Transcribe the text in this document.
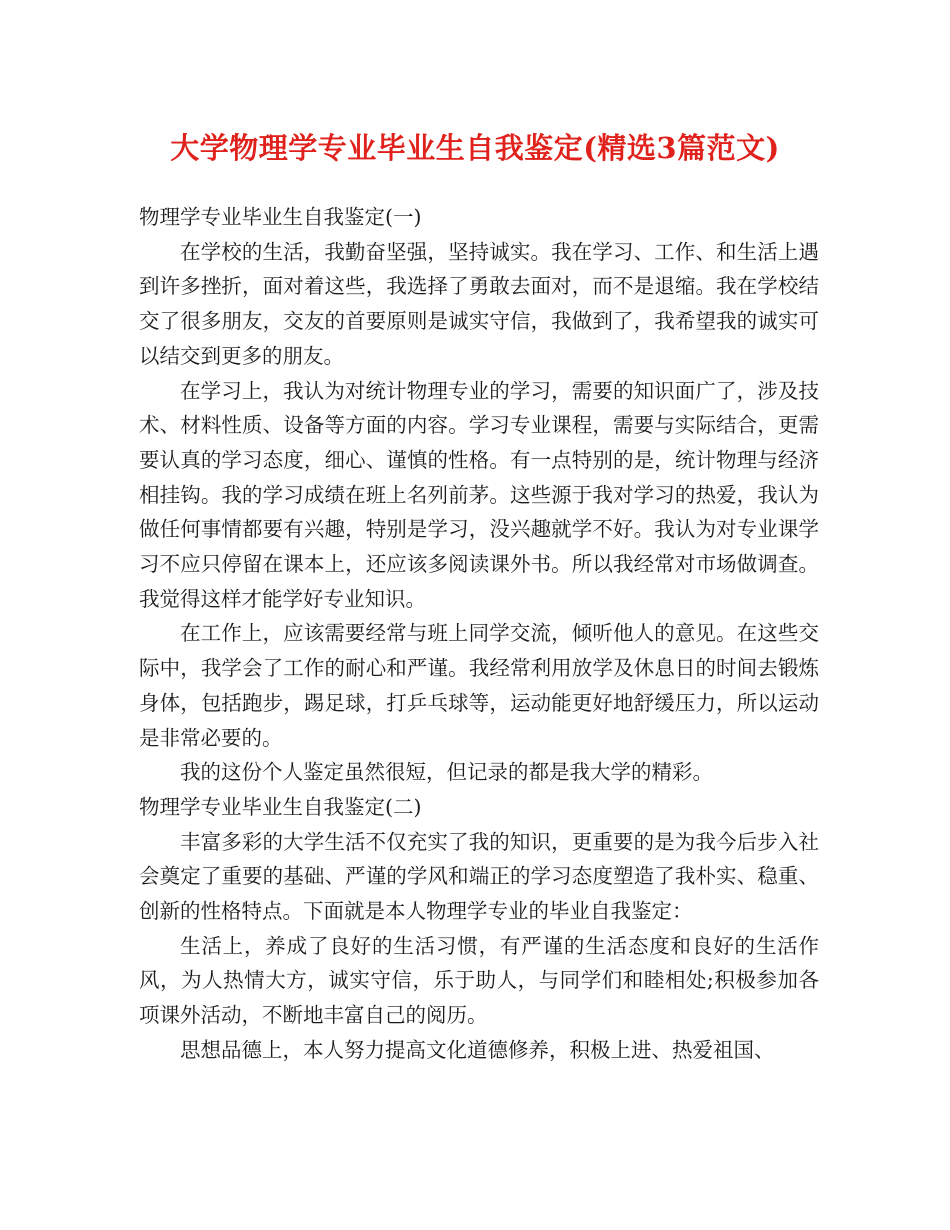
大学物理学专业毕业生自我鉴定(精选3篇范文)

物理学专业毕业生自我鉴定(一)

在学校的生活，我勤奋坚强，坚持诚实。我在学习、工作、和生活上遇到许多挫折，面对着这些，我选择了勇敢去面对，而不是退缩。我在学校结交了很多朋友，交友的首要原则是诚实守信，我做到了，我希望我的诚实可以结交到更多的朋友。

在学习上，我认为对统计物理专业的学习，需要的知识面广了，涉及技术、材料性质、设备等方面的内容。学习专业课程，需要与实际结合，更需要认真的学习态度，细心、谨慎的性格。有一点特别的是，统计物理与经济相挂钩。我的学习成绩在班上名列前茅。这些源于我对学习的热爱，我认为做任何事情都要有兴趣，特别是学习，没兴趣就学不好。我认为对专业课学习不应只停留在课本上，还应该多阅读课外书。所以我经常对市场做调查。我觉得这样才能学好专业知识。

在工作上，应该需要经常与班上同学交流，倾听他人的意见。在这些交际中，我学会了工作的耐心和严谨。我经常利用放学及休息日的时间去锻炼身体，包括跑步，踢足球，打乒乓球等，运动能更好地舒缓压力，所以运动是非常必要的。

我的这份个人鉴定虽然很短，但记录的都是我大学的精彩。

物理学专业毕业生自我鉴定(二)

丰富多彩的大学生活不仅充实了我的知识，更重要的是为我今后步入社会奠定了重要的基础、严谨的学风和端正的学习态度塑造了我朴实、稳重、创新的性格特点。下面就是本人物理学专业的毕业自我鉴定：

生活上，养成了良好的生活习惯，有严谨的生活态度和良好的生活作风，为人热情大方，诚实守信，乐于助人，与同学们和睦相处;积极参加各项课外活动，不断地丰富自己的阅历。

思想品德上，本人努力提高文化道德修养，积极上进、热爱祖国、
